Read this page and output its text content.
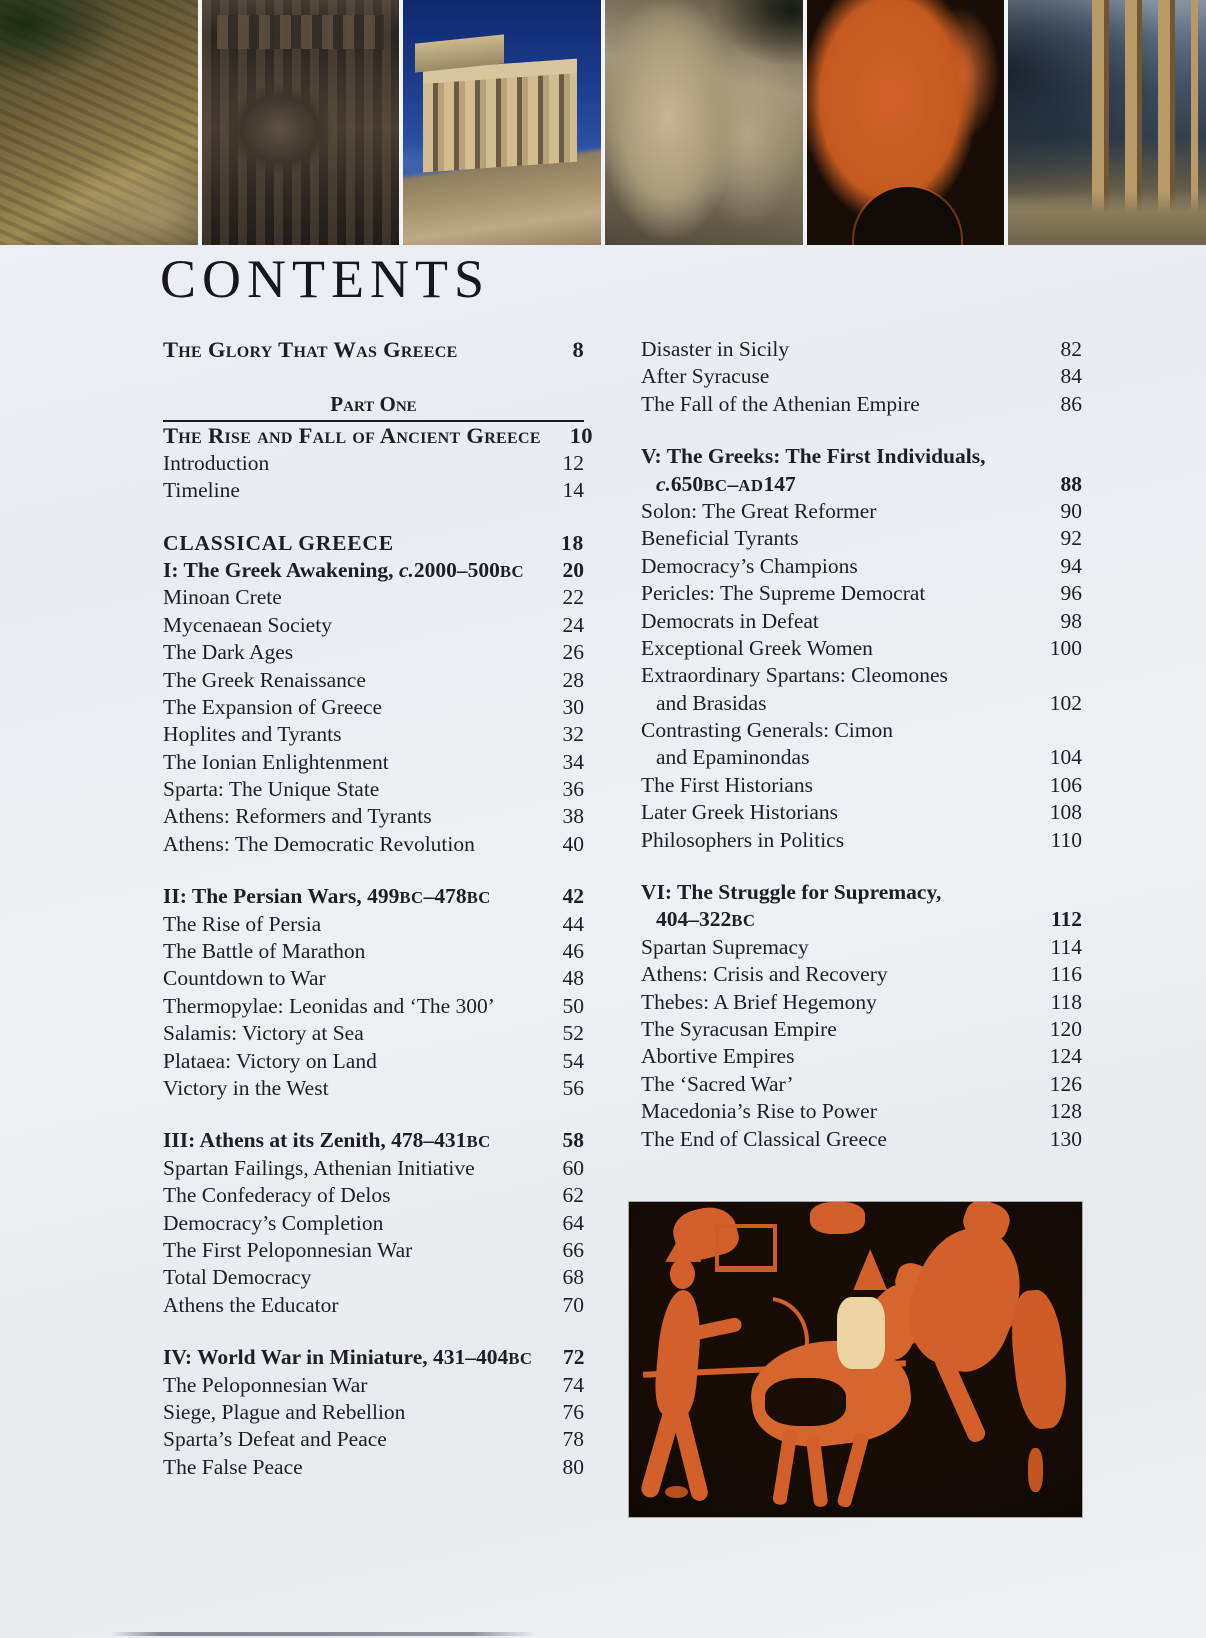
CONTENTS
The Glory That Was Greece	8
Part One
The Rise and Fall of Ancient Greece	10
Introduction	12
Timeline	14
CLASSICAL GREECE	18
I: The Greek Awakening, c.2000–500BC	20
Minoan Crete	22
Mycenaean Society	24
The Dark Ages	26
The Greek Renaissance	28
The Expansion of Greece	30
Hoplites and Tyrants	32
The Ionian Enlightenment	34
Sparta: The Unique State	36
Athens: Reformers and Tyrants	38
Athens: The Democratic Revolution	40
II: The Persian Wars, 499BC–478BC	42
The Rise of Persia	44
The Battle of Marathon	46
Countdown to War	48
Thermopylae: Leonidas and ‘The 300’	50
Salamis: Victory at Sea	52
Plataea: Victory on Land	54
Victory in the West	56
III: Athens at its Zenith, 478–431BC	58
Spartan Failings, Athenian Initiative	60
The Confederacy of Delos	62
Democracy’s Completion	64
The First Peloponnesian War	66
Total Democracy	68
Athens the Educator	70
IV: World War in Miniature, 431–404BC	72
The Peloponnesian War	74
Siege, Plague and Rebellion	76
Sparta’s Defeat and Peace	78
The False Peace	80
Disaster in Sicily	82
After Syracuse	84
The Fall of the Athenian Empire	86
V: The Greeks: The First Individuals,
c.650BC–AD147	88
Solon: The Great Reformer	90
Beneficial Tyrants	92
Democracy’s Champions	94
Pericles: The Supreme Democrat	96
Democrats in Defeat	98
Exceptional Greek Women	100
Extraordinary Spartans: Cleomones
and Brasidas	102
Contrasting Generals: Cimon
and Epaminondas	104
The First Historians	106
Later Greek Historians	108
Philosophers in Politics	110
VI: The Struggle for Supremacy,
404–322BC	112
Spartan Supremacy	114
Athens: Crisis and Recovery	116
Thebes: A Brief Hegemony	118
The Syracusan Empire	120
Abortive Empires	124
The ‘Sacred War’	126
Macedonia’s Rise to Power	128
The End of Classical Greece	130
